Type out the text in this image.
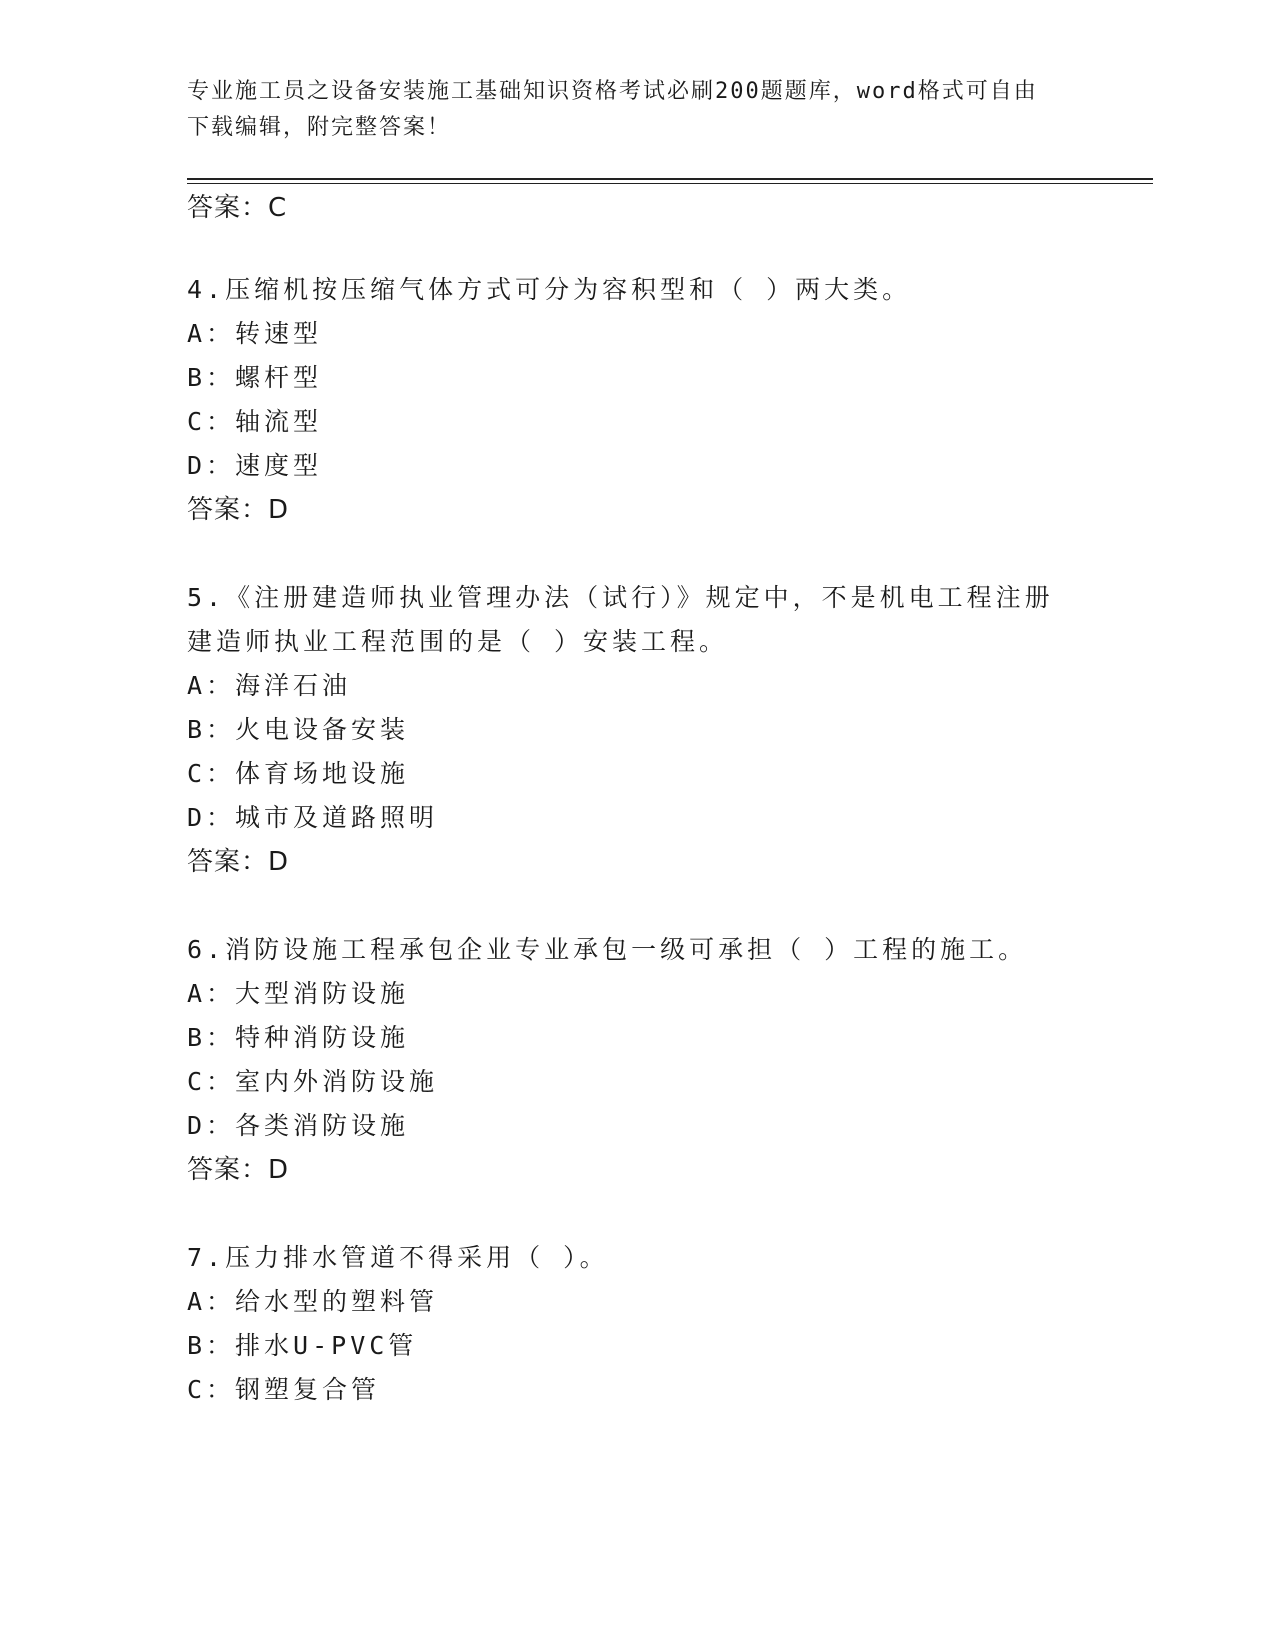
专业施工员之设备安装施工基础知识资格考试必刷200题题库，word格式可自由
下载编辑，附完整答案！
答案：C
4.压缩机按压缩气体方式可分为容积型和（ ）两大类。
A：转速型
B：螺杆型
C：轴流型
D：速度型
答案：D
5.《注册建造师执业管理办法（试行）》规定中，不是机电工程注册
建造师执业工程范围的是（ ）安装工程。
A：海洋石油
B：火电设备安装
C：体育场地设施
D：城市及道路照明
答案：D
6.消防设施工程承包企业专业承包一级可承担（ ）工程的施工。
A：大型消防设施
B：特种消防设施
C：室内外消防设施
D：各类消防设施
答案：D
7.压力排水管道不得采用（ ）。
A：给水型的塑料管
B：排水U-PVC管
C：钢塑复合管
